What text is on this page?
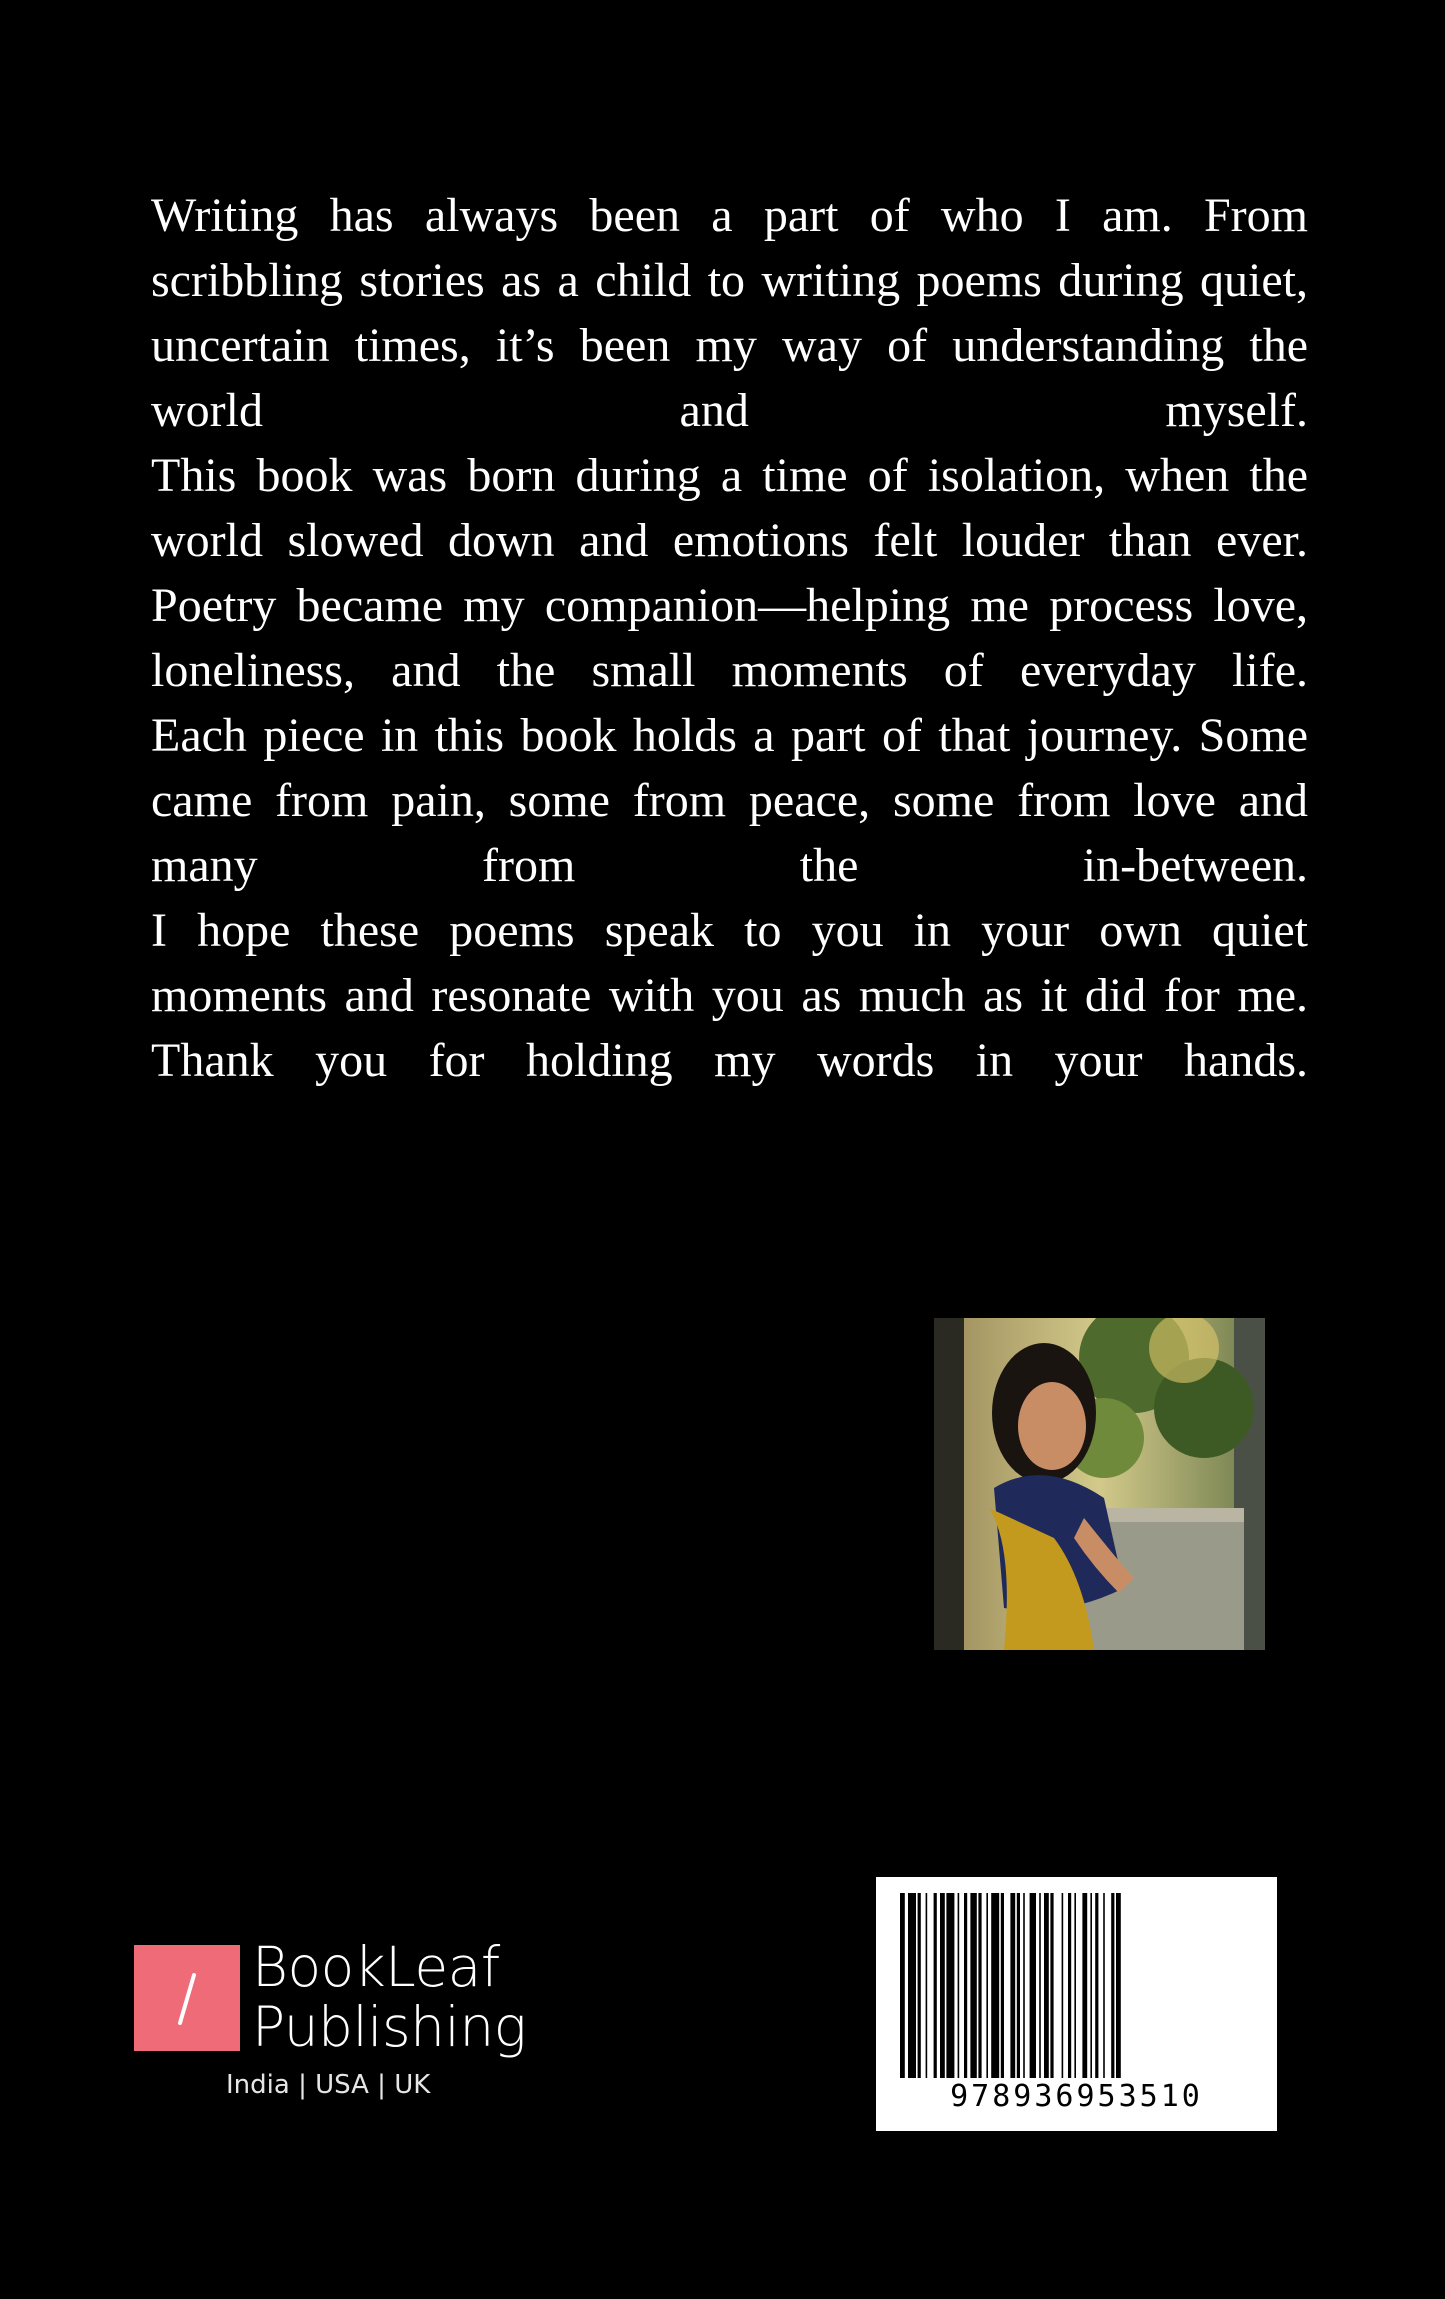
Writing has always been a part of who I am. From scribbling stories as a child to writing poems during quiet, uncertain times, it’s been my way of understanding the world and myself.

This book was born during a time of isolation, when the world slowed down and emotions felt louder than ever. Poetry became my companion—helping me process love, loneliness, and the small moments of everyday life.

Each piece in this book holds a part of that journey. Some came from pain, some from peace, some from love and many from the in-between.

I hope these poems speak to you in your own quiet moments and resonate with you as much as it did for me. Thank you for holding my words in your hands.

BookLeaf
Publishing
India | USA | UK	978936953510
